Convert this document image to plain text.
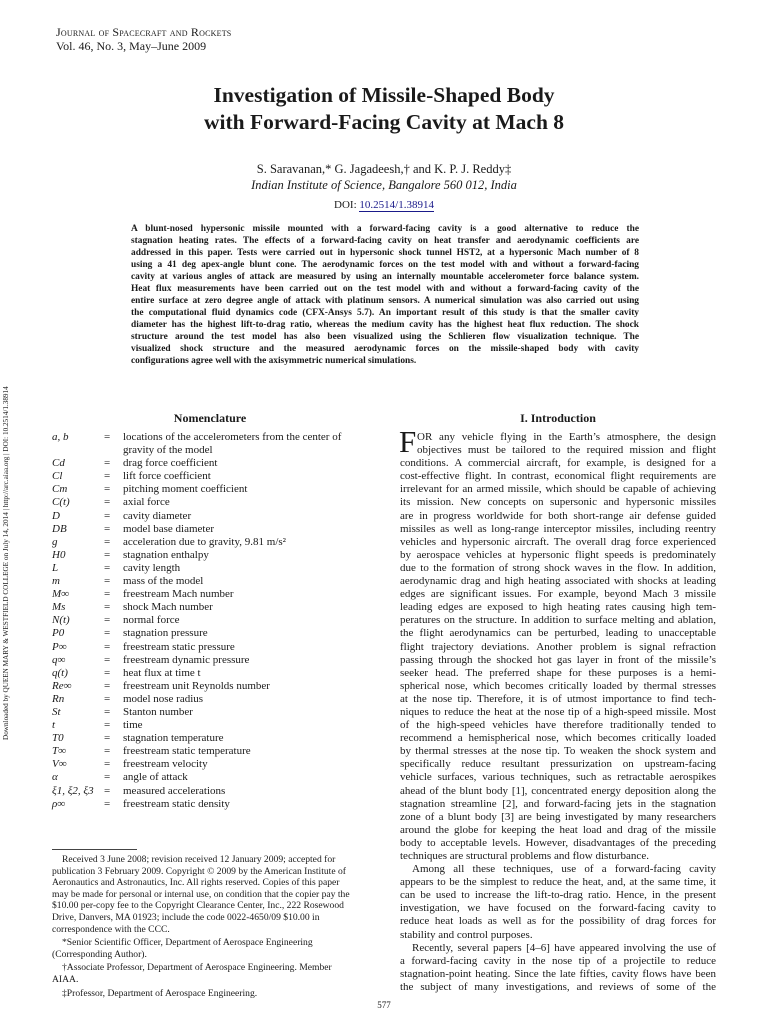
Journal of Spacecraft and Rockets
Vol. 46, No. 3, May–June 2009
Investigation of Missile-Shaped Body
with Forward-Facing Cavity at Mach 8
S. Saravanan,* G. Jagadeesh,† and K. P. J. Reddy‡
Indian Institute of Science, Bangalore 560 012, India
DOI: 10.2514/1.38914
A blunt-nosed hypersonic missile mounted with a forward-facing cavity is a good alternative to reduce the
stagnation heating rates. The effects of a forward-facing cavity on heat transfer and aerodynamic coefficients are
addressed in this paper. Tests were carried out in hypersonic shock tunnel HST2, at a hypersonic Mach number of 8
using a 41 deg apex-angle blunt cone. The aerodynamic forces on the test model with and without a forward-facing
cavity at various angles of attack are measured by using an internally mountable accelerometer force balance system.
Heat flux measurements have been carried out on the test model with and without a forward-facing cavity of the
entire surface at zero degree angle of attack with platinum sensors. A numerical simulation was also carried out using
the computational fluid dynamics code (CFX-Ansys 5.7). An important result of this study is that the smaller cavity
diameter has the highest lift-to-drag ratio, whereas the medium cavity has the highest heat flux reduction. The shock
structure around the test model has also been visualized using the Schlieren flow visualization technique. The
visualized shock structure and the measured aerodynamic forces on the missile-shaped body with cavity
configurations agree well with the axisymmetric numerical simulations.
Downloaded by QUEEN MARY & WESTFIELD COLLEGE on July 14, 2014 | http://arc.aiaa.org | DOI: 10.2514/1.38914	Nomenclature
a, b	= locations of the accelerometers from the center of
gravity of the model
Cd	= drag force coefficient
Cl	= lift force coefficient
Cm	= pitching moment coefficient
C(t)	= axial force
D	= cavity diameter
DB	= model base diameter
g	= acceleration due to gravity, 9.81 m/s²
H0	= stagnation enthalpy
L	= cavity length
m	= mass of the model
M∞	= freestream Mach number
Ms	= shock Mach number
N(t)	= normal force
P0	= stagnation pressure
P∞	= freestream static pressure
q∞	= freestream dynamic pressure
q(t)	= heat flux at time t
Re∞	= freestream unit Reynolds number
Rn	= model nose radius
St	= Stanton number
t	= time
T0	= stagnation temperature
T∞	= freestream static temperature
V∞	= freestream velocity
α	= angle of attack
ξ1, ξ2, ξ3 = measured accelerations
ρ∞	= freestream static density
Received 3 June 2008; revision received 12 January 2009; accepted for
publication 3 February 2009. Copyright © 2009 by the American Institute of
Aeronautics and Astronautics, Inc. All rights reserved. Copies of this paper
may be made for personal or internal use, on condition that the copier pay the
$10.00 per-copy fee to the Copyright Clearance Center, Inc., 222 Rosewood
Drive, Danvers, MA 01923; include the code 0022-4650/09 $10.00 in
correspondence with the CCC.
*Senior Scientific Officer, Department of Aerospace Engineering
(Corresponding Author).
†Associate Professor, Department of Aerospace Engineering. Member
AIAA.
‡Professor, Department of Aerospace Engineering.
I. Introduction
F OR any vehicle flying in the Earth’s atmosphere, the design
objectives must be tailored to the required mission and flight
conditions. A commercial aircraft, for example, is designed for a
cost-effective flight. In contrast, economical flight requirements are
irrelevant for an armed missile, which should be capable of achieving
its mission. New concepts on supersonic and hypersonic missiles
are in progress worldwide for both short-range air defense guided
missiles as well as long-range interceptor missiles, including reentry
vehicles and hypersonic aircraft. The overall drag force experienced
by aerospace vehicles at hypersonic flight speeds is predominately
due to the formation of strong shock waves in the flow. In addition,
aerodynamic drag and high heating associated with shocks at leading
edges are significant issues. For example, beyond Mach 3 missile
leading edges are exposed to high heating rates causing high tem-
peratures on the structure. In addition to surface melting and ablation,
the flight aerodynamics can be perturbed, leading to unacceptable
flight trajectory deviations. Another problem is signal refraction
passing through the shocked hot gas layer in front of the missile’s
seeker head. The preferred shape for these purposes is a hemi-
spherical nose, which becomes critically loaded by thermal stresses
at the nose tip. Therefore, it is of utmost importance to find tech-
niques to reduce the heat at the nose tip of a high-speed missile. Most
of the high-speed vehicles have therefore traditionally tended to
recommend a hemispherical nose, which becomes critically loaded
by thermal stresses at the nose tip. To weaken the shock system and
specifically reduce resultant pressurization on upstream-facing
vehicle surfaces, various techniques, such as retractable aerospikes
ahead of the blunt body [1], concentrated energy deposition along the
stagnation streamline [2], and forward-facing jets in the stagnation
zone of a blunt body [3] are being investigated by many researchers
around the globe for keeping the heat load and drag of the missile
body to acceptable levels. However, disadvantages of the preceding
techniques are structural problems and flow disturbance.
Among all these techniques, use of a forward-facing cavity
appears to be the simplest to reduce the heat, and, at the same time, it
can be used to increase the lift-to-drag ratio. Hence, in the present
investigation, we have focused on the forward-facing cavity to
reduce heat loads as well as for the possibility of drag forces for
stability and control purposes.
Recently, several papers [4–6] have appeared involving the use of
a forward-facing cavity in the nose tip of a projectile to reduce
stagnation-point heating. Since the late fifties, cavity flows have been
the subject of many investigations, and reviews of some of the
577
